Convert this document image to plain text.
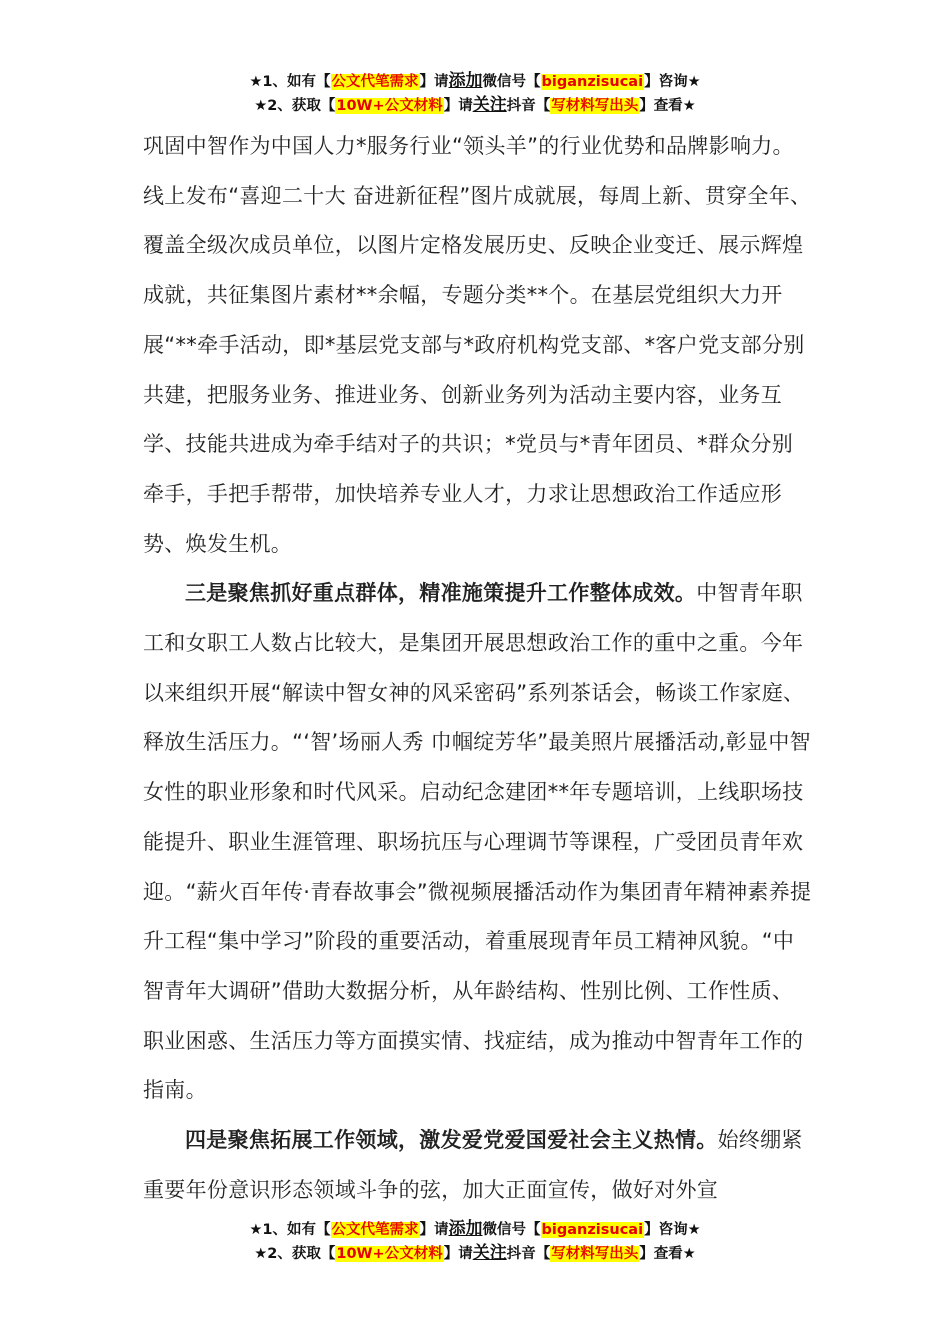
★1、如有【公文代笔需求】请添加微信号【biganzisucai】咨询★
★2、获取【10W+公文材料】请关注抖音【写材料写出头】查看★

巩固中智作为中国人力*服务行业“领头羊”的行业优势和品牌影响力。线上发布“喜迎二十大 奋进新征程”图片成就展，每周上新、贯穿全年、覆盖全级次成员单位，以图片定格发展历史、反映企业变迁、展示辉煌成就，共征集图片素材**余幅，专题分类**个。在基层党组织大力开展“**牵手活动，即*基层党支部与*政府机构党支部、*客户党支部分别共建，把服务业务、推进业务、创新业务列为活动主要内容，业务互学、技能共进成为牵手结对子的共识；*党员与*青年团员、*群众分别牵手，手把手帮带，加快培养专业人才，力求让思想政治工作适应形势、焕发生机。

三是聚焦抓好重点群体，精准施策提升工作整体成效。中智青年职工和女职工人数占比较大，是集团开展思想政治工作的重中之重。今年以来组织开展“解读中智女神的风采密码”系列茶话会，畅谈工作家庭、释放生活压力。“‘智’场丽人秀 巾帼绽芳华”最美照片展播活动,彰显中智女性的职业形象和时代风采。启动纪念建团**年专题培训，上线职场技能提升、职业生涯管理、职场抗压与心理调节等课程，广受团员青年欢迎。“薪火百年传·青春故事会”微视频展播活动作为集团青年精神素养提升工程“集中学习”阶段的重要活动，着重展现青年员工精神风貌。“中智青年大调研”借助大数据分析，从年龄结构、性别比例、工作性质、职业困惑、生活压力等方面摸实情、找症结，成为推动中智青年工作的指南。

四是聚焦拓展工作领域，激发爱党爱国爱社会主义热情。始终绷紧重要年份意识形态领域斗争的弦，加大正面宣传，做好对外宣

★1、如有【公文代笔需求】请添加微信号【biganzisucai】咨询★
★2、获取【10W+公文材料】请关注抖音【写材料写出头】查看★
